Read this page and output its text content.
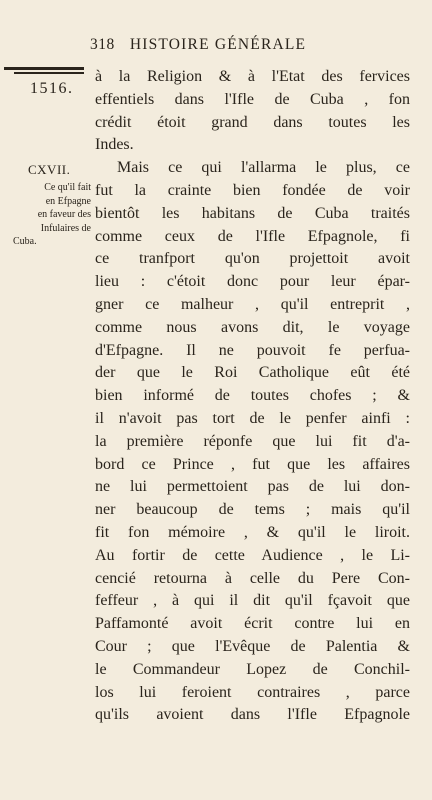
318 HISTOIRE GÉNÉRALE
1516.
CXVII.
Ce qu'il fait
en Efpagne
en faveur des
Infulaires de
Cuba.
à la Religion & à l'Etat des fervices
effentiels dans l'Ifle de Cuba , fon
crédit étoit grand dans toutes les
Indes.
Mais ce qui l'allarma le plus, ce
fut la crainte bien fondée de voir
bientôt les habitans de Cuba traités
comme ceux de l'Ifle Efpagnole, fi
ce tranfport qu'on projettoit avoit
lieu : c'étoit donc pour leur épar-
gner ce malheur , qu'il entreprit ,
comme nous avons dit, le voyage
d'Efpagne. Il ne pouvoit fe perfua-
der que le Roi Catholique eût été
bien informé de toutes chofes ; &
il n'avoit pas tort de le penfer ainfi :
la première réponfe que lui fit d'a-
bord ce Prince , fut que les affaires
ne lui permettoient pas de lui don-
ner beaucoup de tems ; mais qu'il
fit fon mémoire , & qu'il le liroit.
Au fortir de cette Audience , le Li-
cencié retourna à celle du Pere Con-
feffeur , à qui il dit qu'il fçavoit que
Paffamonté avoit écrit contre lui en
Cour ; que l'Evêque de Palentia &
le Commandeur Lopez de Conchil-
los lui feroient contraires , parce
qu'ils avoient dans l'Ifle Efpagnole
